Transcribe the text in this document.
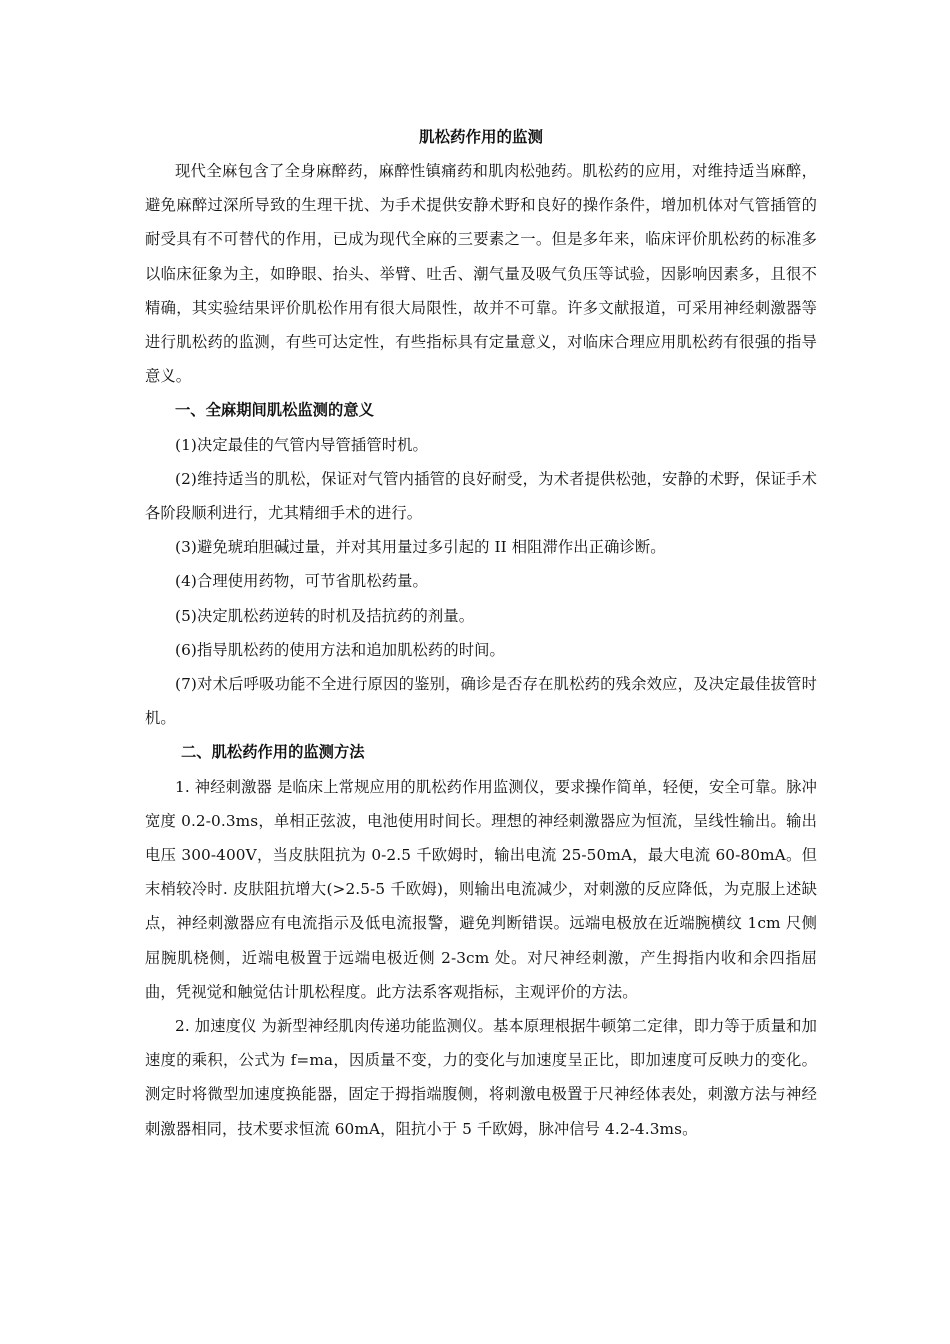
肌松药作用的监测

现代全麻包含了全身麻醉药，麻醉性镇痛药和肌肉松弛药。肌松药的应用，对维持适当麻醉，避免麻醉过深所导致的生理干扰、为手术提供安静术野和良好的操作条件，增加机体对气管插管的耐受具有不可替代的作用，已成为现代全麻的三要素之一。但是多年来，临床评价肌松药的标准多以临床征象为主，如睁眼、抬头、举臂、吐舌、潮气量及吸气负压等试验，因影响因素多，且很不精确，其实验结果评价肌松作用有很大局限性，故并不可靠。许多文献报道，可采用神经刺激器等进行肌松药的监测，有些可达定性，有些指标具有定量意义，对临床合理应用肌松药有很强的指导意义。

一、全麻期间肌松监测的意义

(1)决定最佳的气管内导管插管时机。

(2)维持适当的肌松，保证对气管内插管的良好耐受，为术者提供松弛，安静的术野，保证手术各阶段顺利进行，尤其精细手术的进行。

(3)避免琥珀胆碱过量，并对其用量过多引起的 II 相阻滞作出正确诊断。

(4)合理使用药物，可节省肌松药量。

(5)决定肌松药逆转的时机及拮抗药的剂量。

(6)指导肌松药的使用方法和追加肌松药的时间。

(7)对术后呼吸功能不全进行原因的鉴别，确诊是否存在肌松药的残余效应，及决定最佳拔管时机。

二、肌松药作用的监测方法

1. 神经刺激器 是临床上常规应用的肌松药作用监测仪，要求操作简单，轻便，安全可靠。脉冲宽度 0.2-0.3ms，单相正弦波，电池使用时间长。理想的神经刺激器应为恒流，呈线性输出。输出电压 300-400V，当皮肤阻抗为 0-2.5 千欧姆时，输出电流 25-50mA，最大电流 60-80mA。但末梢较冷时. 皮肤阻抗增大(>2.5-5 千欧姆)，则输出电流减少，对刺激的反应降低，为克服上述缺点，神经刺激器应有电流指示及低电流报警，避免判断错误。远端电极放在近端腕横纹 1cm 尺侧屈腕肌桡侧，近端电极置于远端电极近侧 2-3cm 处。对尺神经刺激，产生拇指内收和余四指屈曲，凭视觉和触觉估计肌松程度。此方法系客观指标，主观评价的方法。

2. 加速度仪 为新型神经肌肉传递功能监测仪。基本原理根据牛顿第二定律，即力等于质量和加速度的乘积，公式为 f=ma，因质量不变，力的变化与加速度呈正比，即加速度可反映力的变化。测定时将微型加速度换能器，固定于拇指端腹侧，将刺激电极置于尺神经体表处，刺激方法与神经刺激器相同，技术要求恒流 60mA，阻抗小于 5 千欧姆，脉冲信号 4.2-4.3ms。
